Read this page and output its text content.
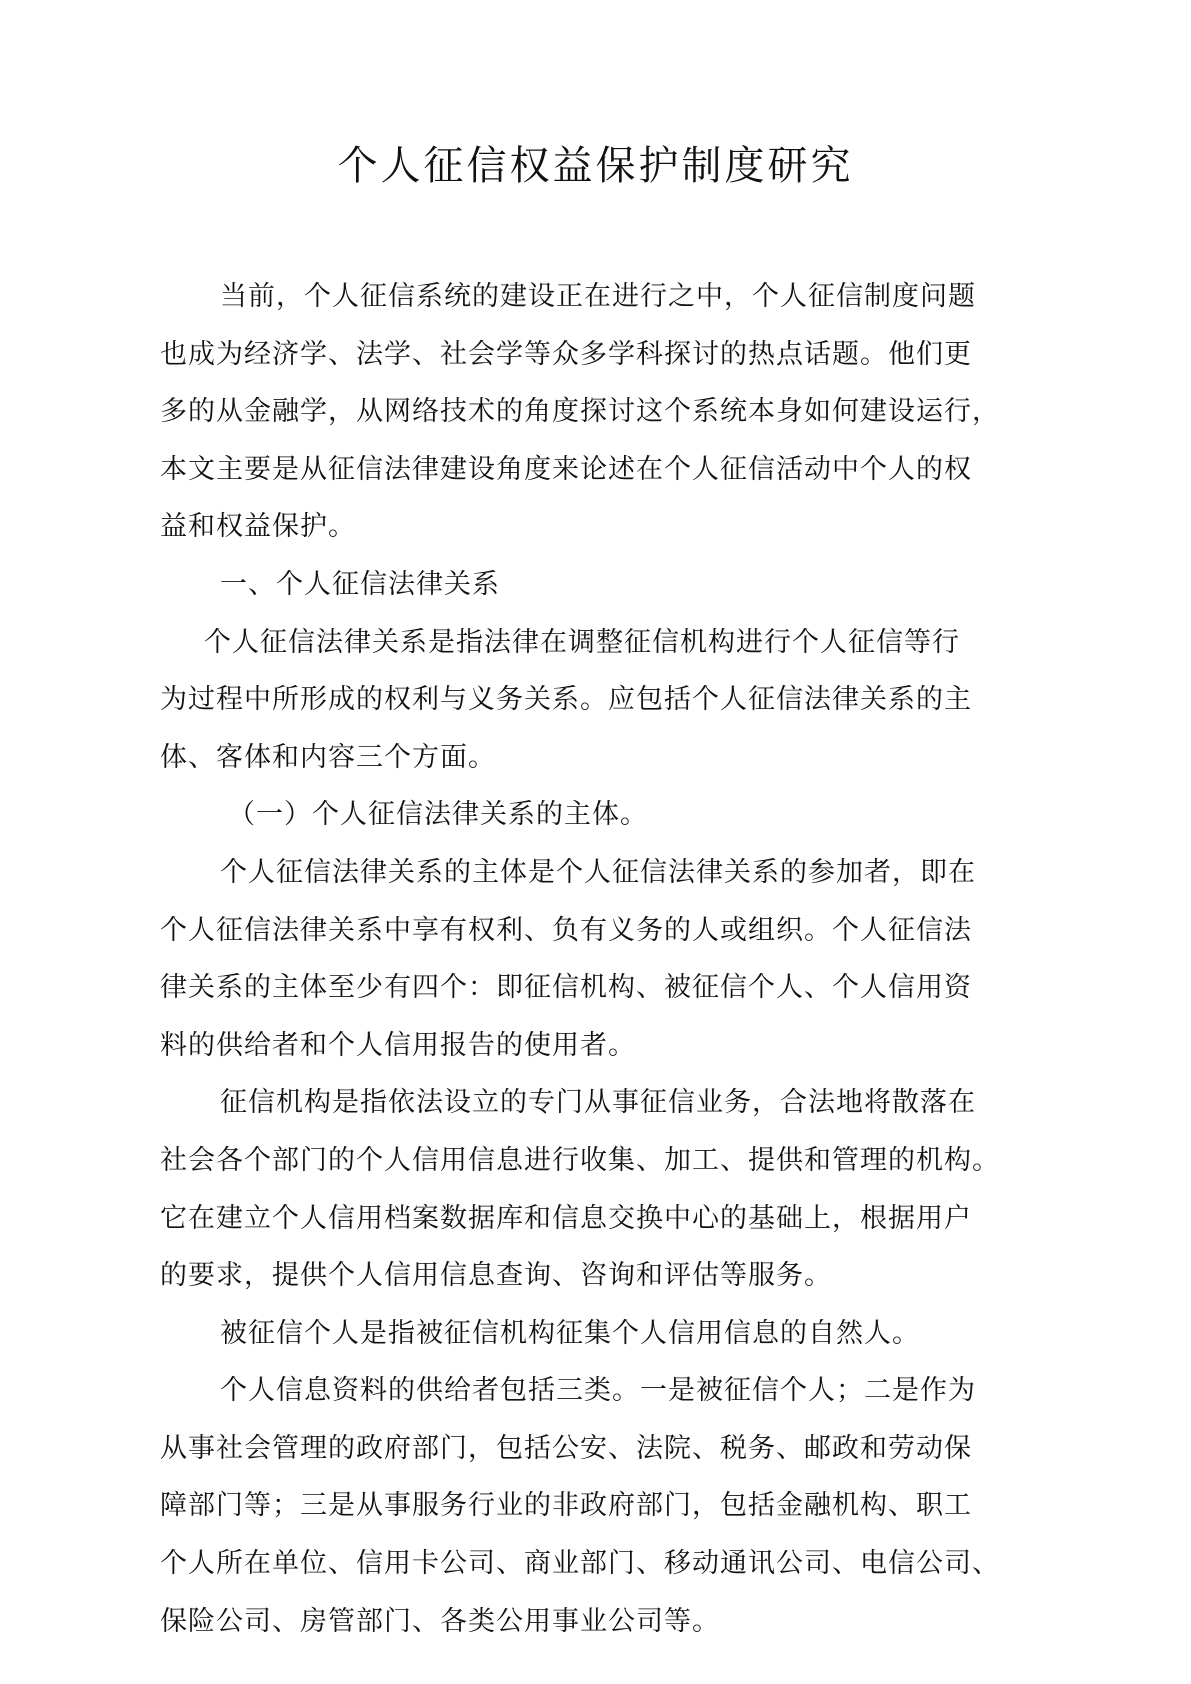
个人征信权益保护制度研究
当前，个人征信系统的建设正在进行之中，个人征信制度问题
也成为经济学、法学、社会学等众多学科探讨的热点话题。他们更
多的从金融学，从网络技术的角度探讨这个系统本身如何建设运行，
本文主要是从征信法律建设角度来论述在个人征信活动中个人的权
益和权益保护。
一、个人征信法律关系
个人征信法律关系是指法律在调整征信机构进行个人征信等行
为过程中所形成的权利与义务关系。应包括个人征信法律关系的主
体、客体和内容三个方面。
（一）个人征信法律关系的主体。
个人征信法律关系的主体是个人征信法律关系的参加者，即在
个人征信法律关系中享有权利、负有义务的人或组织。个人征信法
律关系的主体至少有四个：即征信机构、被征信个人、个人信用资
料的供给者和个人信用报告的使用者。
征信机构是指依法设立的专门从事征信业务，合法地将散落在
社会各个部门的个人信用信息进行收集、加工、提供和管理的机构。
它在建立个人信用档案数据库和信息交换中心的基础上，根据用户
的要求，提供个人信用信息查询、咨询和评估等服务。
被征信个人是指被征信机构征集个人信用信息的自然人。
个人信息资料的供给者包括三类。一是被征信个人；二是作为
从事社会管理的政府部门，包括公安、法院、税务、邮政和劳动保
障部门等；三是从事服务行业的非政府部门，包括金融机构、职工
个人所在单位、信用卡公司、商业部门、移动通讯公司、电信公司、
保险公司、房管部门、各类公用事业公司等。
